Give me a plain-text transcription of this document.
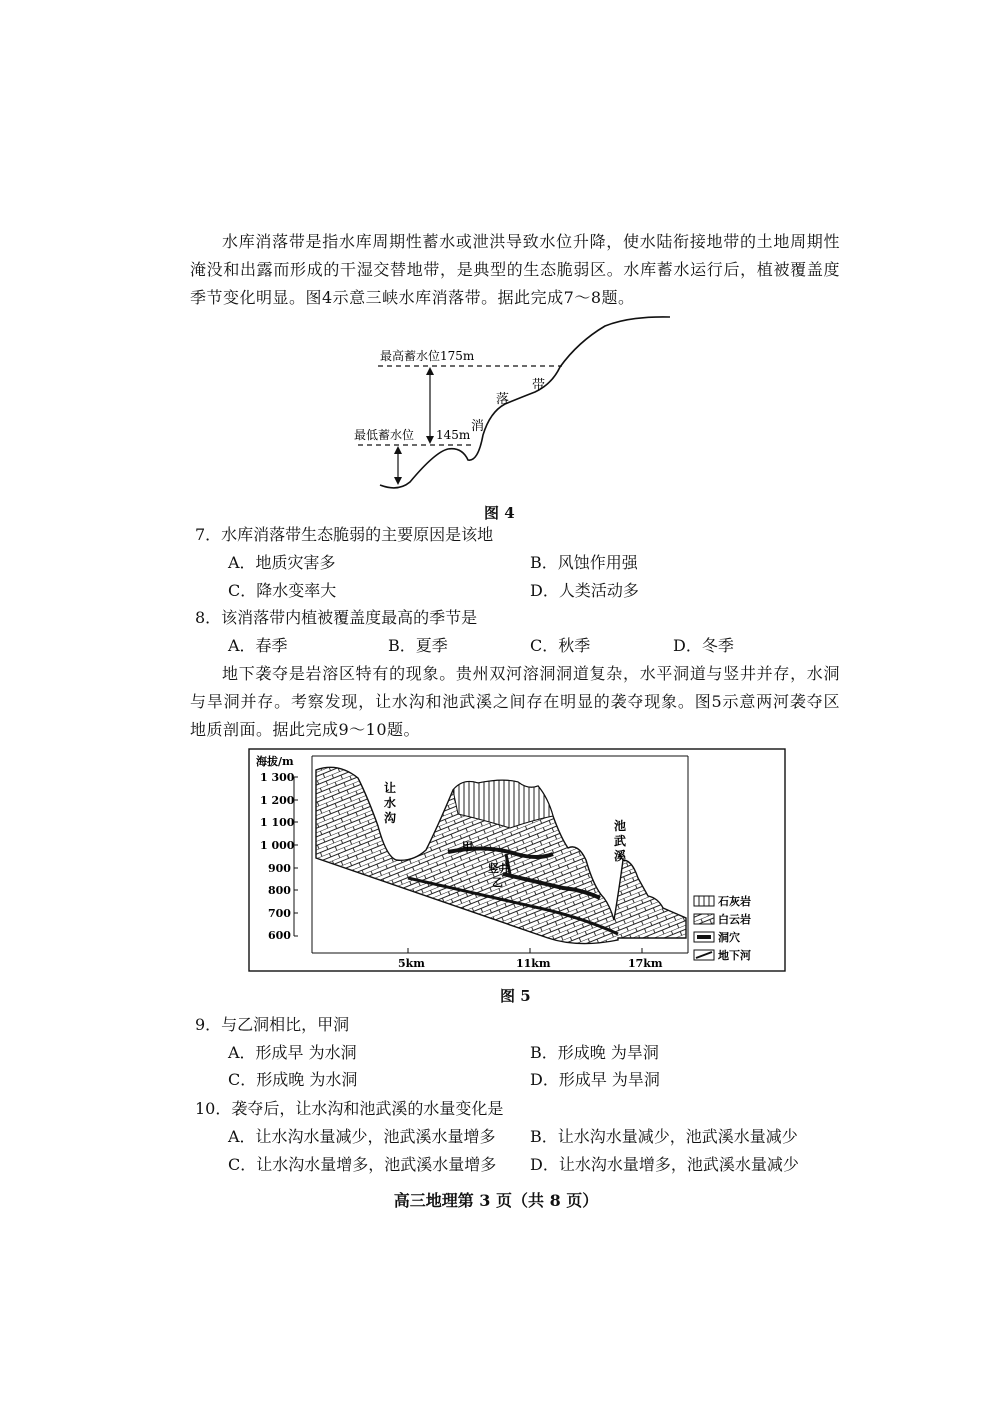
水库消落带是指水库周期性蓄水或泄洪导致水位升降，使水陆衔接地带的土地周期性淹没和出露而形成的干湿交替地带，是典型的生态脆弱区。水库蓄水运行后，植被覆盖度季节变化明显。图4示意三峡水库消落带。据此完成7～8题。
最高蓄水位175m
最低蓄水位 145m
消
落
带
图 4
7．水库消落带生态脆弱的主要原因是该地
A．地质灾害多	B．风蚀作用强
C．降水变率大	D．人类活动多
8．该消落带内植被覆盖度最高的季节是
A．春季	B．夏季	C．秋季	D．冬季
地下袭夺是岩溶区特有的现象。贵州双河溶洞洞道复杂，水平洞道与竖井并存，水洞与旱洞并存。考察发现，让水沟和池武溪之间存在明显的袭夺现象。图5示意两河袭夺区地质剖面。据此完成9～10题。
海拔/m
1 300
1 200
1 100
1 000
900
800
700
600
让
水
沟
池
武
溪
甲
竖井
乙
5km	11km	17km
石灰岩
白云岩
洞穴
地下河
图 5
9．与乙洞相比，甲洞
A．形成早 为水洞	B．形成晚 为旱洞
C．形成晚 为水洞	D．形成早 为旱洞
10．袭夺后，让水沟和池武溪的水量变化是
A．让水沟水量减少，池武溪水量增多 B．让水沟水量减少，池武溪水量减少
C．让水沟水量增多，池武溪水量增多 D．让水沟水量增多，池武溪水量减少
高三地理第 3 页（共 8 页）
